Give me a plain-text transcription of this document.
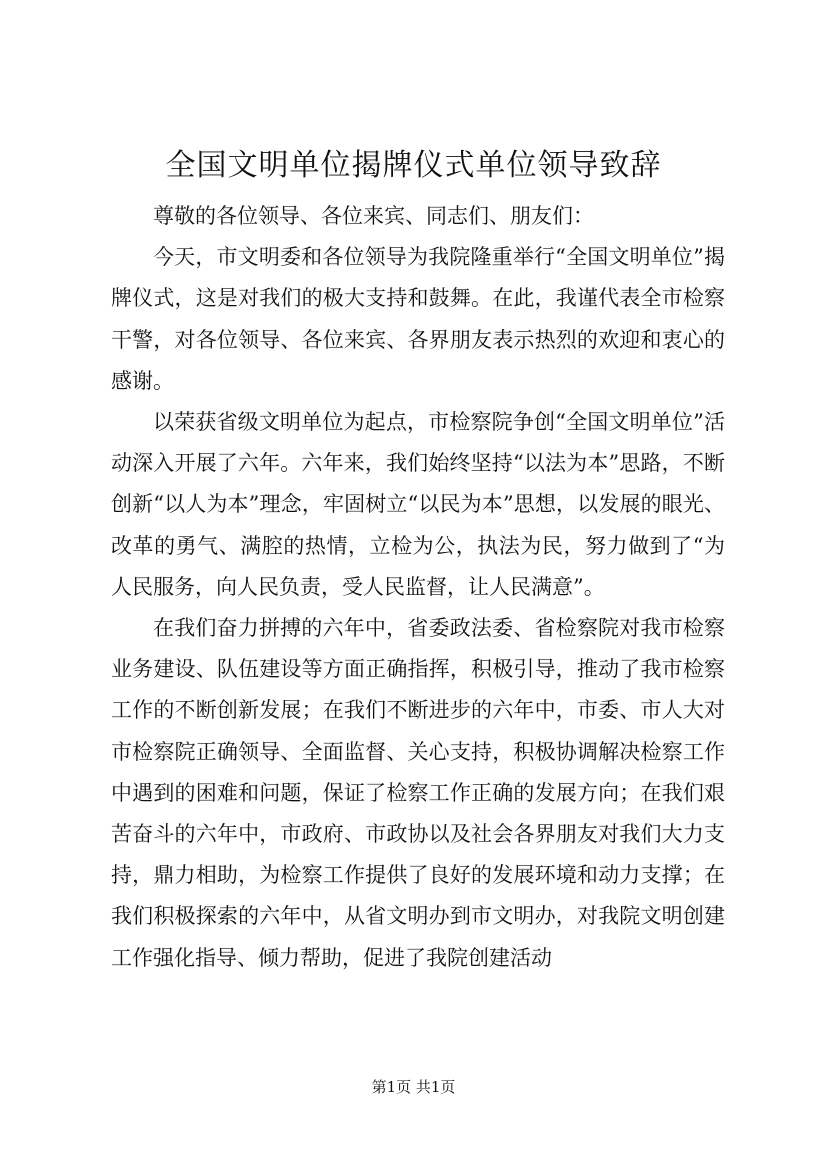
全国文明单位揭牌仪式单位领导致辞

尊敬的各位领导、各位来宾、同志们、朋友们：

今天，市文明委和各位领导为我院隆重举行“全国文明单位”揭牌仪式，这是对我们的极大支持和鼓舞。在此，我谨代表全市检察干警，对各位领导、各位来宾、各界朋友表示热烈的欢迎和衷心的感谢。

以荣获省级文明单位为起点，市检察院争创“全国文明单位”活动深入开展了六年。六年来，我们始终坚持“以法为本”思路，不断创新“以人为本”理念，牢固树立“以民为本”思想，以发展的眼光、改革的勇气、满腔的热情，立检为公，执法为民，努力做到了“为人民服务，向人民负责，受人民监督，让人民满意”。

在我们奋力拼搏的六年中，省委政法委、省检察院对我市检察业务建设、队伍建设等方面正确指挥，积极引导，推动了我市检察工作的不断创新发展；在我们不断进步的六年中，市委、市人大对市检察院正确领导、全面监督、关心支持，积极协调解决检察工作中遇到的困难和问题，保证了检察工作正确的发展方向；在我们艰苦奋斗的六年中，市政府、市政协以及社会各界朋友对我们大力支持，鼎力相助，为检察工作提供了良好的发展环境和动力支撑；在我们积极探索的六年中，从省文明办到市文明办，对我院文明创建工作强化指导、倾力帮助，促进了我院创建活动

第1页 共1页
